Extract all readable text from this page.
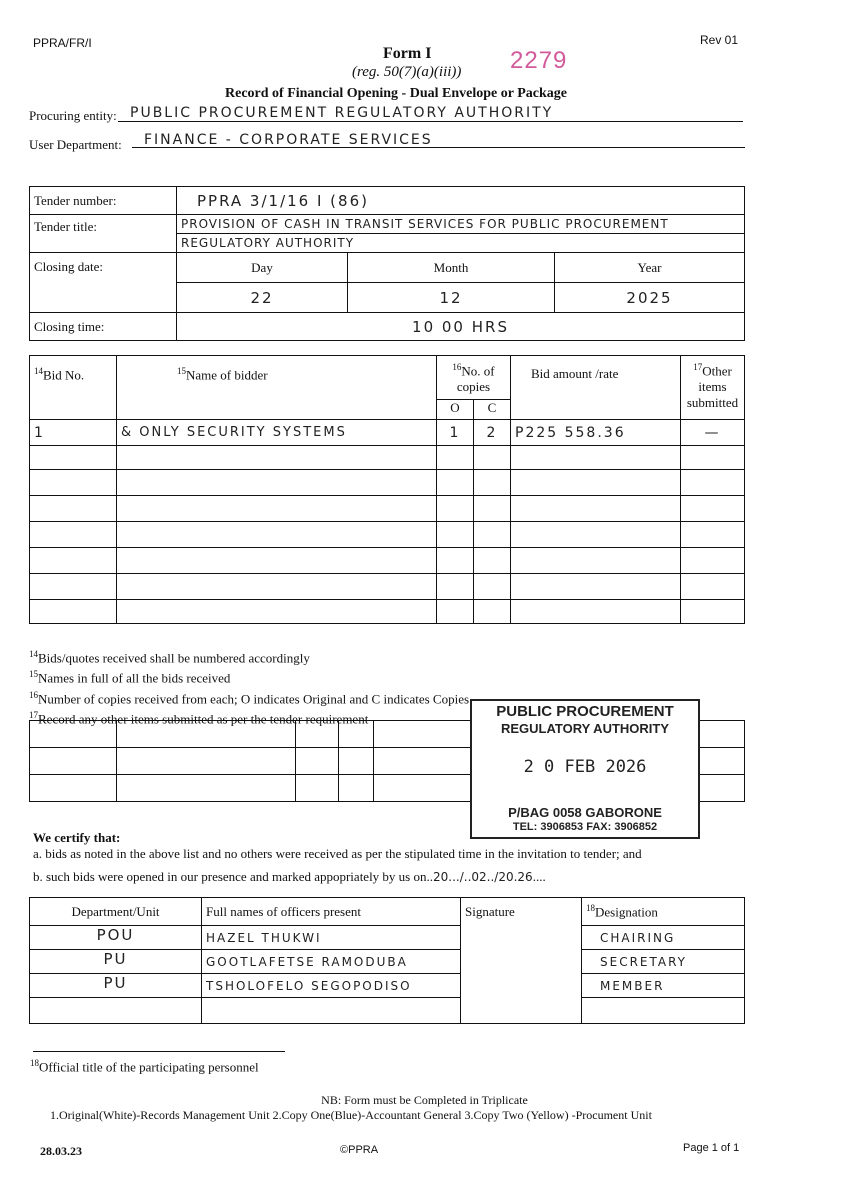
PPRA/FR/I	Rev 01
Form I
(reg. 50(7)(a)(iii)) 2279
Record of Financial Opening - Dual Envelope or Package
Procuring entity: PUBLIC PROCUREMENT REGULATORY AUTHORITY
User Department: FINANCE - CORPORATE SERVICES
Tender number:	PPRA 3/1/16 I (86)		
Tender title:	PROVISION OF CASH IN TRANSIT SERVICES FOR PUBLIC PROCUREMENT
REGULATORY AUTHORITY		

Closing date:	Day	Month	Year
	22	12	2025
Closing time:	10 00 HRS		
$^{14}$Bid No.	$^{15}$Name of bidder	$^{16}$No. of copies		Bid amount /rate	$^{17}$Other items submitted
		O	C		
1	& ONLY SECURITY SYSTEMS	1	2	P225 558.36	—

$^{14}$Bids/quotes received shall be numbered accordingly
$^{15}$Names in full of all the bids received
$^{16}$Number of copies received from each; O indicates Original and C indicates Copies
$^{17}$Record any other items submitted as per the tender requirement

					PUBLIC PROCUREMENT
REGULATORY AUTHORITY
2 0 FEB 2026
P/BAG 0058 GABORONE
TEL: 3906853 FAX: 3906852
We certify that:
a. bids as noted in the above list and no others were received as per the stipulated time in the invitation to tender; and
b. such bids were opened in our presence and marked appopriately by us on..20.../..02../20.26....
Department/Unit	Full names of officers present	Signature	$^{18}$Designation
POU	HAZEL THUKWI		CHAIRING
PU	GOOTLAFETSE RAMODUBA		SECRETARY
PU	TSHOLOFELO SEGOPODISO		MEMBER

$^{18}$Official title of the participating personnel
NB: Form must be Completed in Triplicate
1.Original(White)-Records Management Unit 2.Copy One(Blue)-Accountant General 3.Copy Two (Yellow) -Procument Unit
28.03.23	©PPRA	Page 1 of 1
